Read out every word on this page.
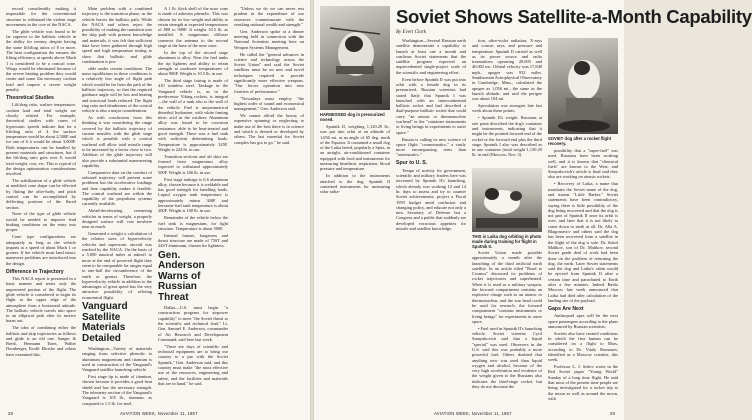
record considerably making it impossible for the conventional structure to withstand the violent stage movements in the core of the NACA.

The glide vehicle was found to be far superior to the ballistic vehicle in the ability for reentry, despite having the same lift/drag ratios of 8 or more. The heat configuration the ensures the lifting efficiency at speeds above Mach 1 is considered to be a conical cone. Wings would be eliminated because of the severe heating problem they would create and some flat necessary coolant load and impose a severe weight penalty.

Theoretical Studies

Lift/drag ratio, surface temperature, coolant load and total weight are closely related. For example, theoretical studies with cones of hypersonic speeds indicate that for a lift/drag ratio of 4 the surface temperature would be about 2,500F and for one of 6 it would be about 3,000F. Both temperatures can be handled by present materials and structures, but if the lift/drag ratio goes over 8, would total weight, cost, etc. This is typical of the design optimization considerations involved.

The stabilization of a glide vehicle at modified cone shape can be effected by fluting the after-body, and pitch control can be accomplished by deflecting portions of the flared section.

None of the type of glide vehicle would be needed to improve lead braking conditions on the entry into proper.

Cone type configurations are adequately as long as the vehicle imparts at a speed of about Mach 1 or greater. If the vehicle must land intact, maneuver problems are introduced into the design.

Difference in Trajectory

This NACA report is presented in a basic manner and treats only the unpowered portion of the flight. The glide vehicle is considered to begin its flight at the upper edge of the atmosphere from a horizontal attitude. The ballistic vehicle travels into space in an elliptical path after its motive burns out.

The idea of combining either the ballistic and skip trajectories as follows and glide is an old one. Sanger & Bredt, Hermann Tsien, Walter Dornberger, Krafft Ehricke and others have examined this.

Main problem with a combined trajectory is the transition phase, as the vehicle leaves the ballistic path. While the NACA and others reject the possibility of making the transition into the skip path with present knowledge and materials, it was felt that sufficient data have been gathered through high speed and high temperature testing to show that ballistic and glide combination is pos-

sible under certain conditions. The mass equilibrium in these conditions is a relatively low angle of flight path which would be far from the path of the ballistic trajectory, so that the required guidance angle will be low and heating and structural loads reduced. The flight ring ratio and slenderness of the conical vehicle is also a major consideration.

As with conclusions from this thinking it was considering the range covered by the ballistic trajectory of current missiles with the glide stage which is possible with a conical warhead will allow total missile range to be increased by a factor close to two. Addition of the glide trajectory will also provide a substantial maneuvering capability.

Comparative data on the conduct of onboard trajectory will present some problems but the accelerative loadings and heat capability makes it feasible. The conical warhead are within the capability of the propulsion systems currently available.

Ahead-decelerating reentering vehicles in terms of weight, a properly designed surface will cost nowhere near as much.

Generated a weight a calculation of the relative sizes of hypervelocity vehicles and supersonic aircraft was reached by the NACA. On the basis of a 5,000 nautical miles at takeoff to more at the end of powered flight they seem to be comparable for ranges equal to one-half the circumference of the earth or greater. Therefore, the hypervelocity vehicle in addition to the advantages of great speed has the very attractive possibility of offering economical flight.

Vanguard Satellite Materials Detailed

Washington—Variety of materials ranging from selective phenolic to aluminum magnesium and titanium is used in construction of the Vanguard's Vanguard satellite launching vehicle.

First stage tip is made of titanium, chosen because it provides a good heat shield and has the necessary strength. The telemetry section of the Vanguard's Vanguard is 105 lb., titanium, as compared to 1.5 lb. for steel.

A 1 lb. thick shell of the nose cone is made of asbestos phenolic. This was chosen for its low weight and ability to retain strength at expected temperatures of 800 to 900F. It weighs 10.5 lb. as installed. A magnesium diffuser connects the antenna to the second stage at the base of the nose cone.

In the top of the second stage aluminum is alloy. Near the fuel tanks the tip lightens and ability to retain strength at moderate temperatures of about 900F. Weight is 10.5 lb. in use.

The third stage fairing is made of 410 stainless steel. Tankage in the Vanguard vehicle is, as in the predecessor Viking rockets, is integral—the wall of a tank also is the wall of the vehicle. Fuel is unsymmetrical dimethyl hydrazine, with white fuming nitric acid as the oxidizer. Aluminum alloy was found to be corrosion resistance, able to be heat-treated and good strength. There was a fuel tank with sufficient determining loads. Temperature is approximately 325F. Weight is 224 lb. in use.

Transition sections and aft skirt are formed from magnesium alloy expected to withstand approximately 500F. Weight is 166 lb. in use.

First stage tankage is 6.6 aluminum alloy, chosen because it is weldable and has good strength for handling loads. Liquid oxygen tank temperature is approximately minus 300F and kerosene fuel tank temperature is about 200F. Weight is 168 lb. in use.

Remainder of the vehicle below the fuel tank is magnesium, for light structure. Temperature is about 500F.

Internal frames, longerons and thrust structure are made of 75ST and 24ST aluminum, chosen for lightness.

Gen. Anderson Warns of Russian Threat

Dallas—U.S. must begin "a construction program for airpower capability" to meet "the Soviet threat to the scientific and technical lead," Lt. Gen. Samuel E. Anderson, commander of Air Research and Development Command, said here last week.

"There are days of scientific and technical equipment are to bring our country to a par with the Soviet Sputnik," Gen. Anderson said, and this country must make "the most effective use of the resources, engineering and talent, and the facilities and materials that are in hand," he said.

"Unless we do we can never rest prudent in the expenditure of our resources commensurate with the resulting national wealth and strength."

Gen. Anderson spoke at a dinner meeting held in connection with the National Scientists meeting here on Weapon Systems Management.

He called the "general advances in science and technology across the Soviet Union" and said the Soviet satellites must be on new and novel techniques required to provide significantly more effective weapons. "Our forces operation into new frontiers of performance."

"Nowadays must employ "the highest order of sound and economical management," Gen. Anderson said.

We cannot afford the luxury of expensive spinning or neglecting to make use of the best there is in science and which is desired or developed by others. The last essential for Soviet complex has got to go," he said.

28	AVIATION WEEK, November 11, 1957
HARNESSED dog in pressurized nosed.
Soviet Shows Satellite-a-Month Capability
By Evert Clark

Sputnik II, weighing 1,120.29 lb., was put into orbit at an altitude of 1,056 mi. at an angle of 65 deg. north of the Equator. It contained a small dog of the Laika breed, popularly a Spitz, in an airtight, air-conditioned container equipped with food and instruments for measuring heartbeat, respiration, blood pressure and temperature.

In addition to the instruments attached to the dog, Sputnik II contained instruments for measuring solar radia-

Washington—Several Russian earth satellite demonstrate a capability to launch at least one a month and confirms Soviet statements that the satellite program expected an unprecedented single-project scale of the scientific and engineering effort.

Even before Sputnik II was put into orbit with a female dog in its pressurized, Russian scientists had stated flatly that Sputnik I was launched with an intercontinental ballistic rocket and had described a dual-purpose ballistic rocket that could carry "an atomic or thermonuclear warhead" or the "container instruments or living beings in experiments to outer space."

Russia is calling its new science of space flight "cosmonautics," a vastly more encompassing term than "astronautics."

Spur to U. S.

Tempo of activity for government, scientific and military leaders here was increased by Sputnik II's launching, which already was working 12 and 14 hr. days to assess and try to counter Soviet achievements, project a Fiscal 1959 budget amid confusion and changing policy, and educate not only a new Secretary of Defense but a Congress and a public that suddenly are developed voracious appetites for missile and satellite knowledge.

THIS is Laika dog orbiting in photo made during training for flight in Sputnik II.

tion, ultra-violet radiation, X-rays and cosmic rays, and pressure and temperature. Sputnik II carried as well as its power source and radio transmitters operating 20.005 and 40.002 mc. Orbital velocity was 17,840 mph., apogee was 932 miles. Smithsonian Astrophysical Observatory in Cambridge, Mass., calculated the apogee as 1,056 mi., the same as the launch altitude, and said the perigee was about 104 mi.

Speculation was strongest late last week about these points:

• Sputnik II's weight. Russians at one point described the dog's container and instruments, indicating that it might be the pointed forward end of the rocket or the forward end plus the third stage. Sputnik I also was described as in one container (total weight 1,120.29 lb. in end (Moscow, Nov. 3).

Soviet Union made possible approximately a month after the launching of the third artificial earth satellite. In an article titled "Road to Cosmos" discussed its problems of rocket trajectories and superheated. When it is used as a military weapon, the forward compartment contains an explosive charge such as an atomic or thermonuclear, and the war head could be used for research, the forward compartment "contains instruments or living beings" for experiments in outer space.

• Fuel used in Sputnik II's launching vehicle. Soviet scientist Cyril Stanyukovich said that a liquid "special" was used. Observers in the U.S. said this was probably a more powerful fuel. Others doubted that anything new was used than liquid oxygen and alcohol, because of the very high acceleration and evidence of the weight given to the Russians also indicates the third-stage rocket, but they do not discount the

SOVIET dog after a rocket flight recovery.

possibility that a "super-fuel" was used. Russians have been working well, and it is known that "chemical fuels" are known to the West, and Stanyukovich's article is final said they also are working on atomic rockets.

• Recovery of Laika, a name that translates the Soviet name of the dog, and means "Little Barker." Soviet statements have been contradictory, saying there is little possibility of the dog being recovered and that the dog is not part of Sputnik II once its orbit is over, and later that it is not likely to come down to earth at all. Dr. Alla A. Blagonravov and others said the dog has been recovered from a satellite in the flight of the dog is safe. Dr. Sokol Malikov, son of Dr. Malikov, second Soviet grade deal of work had been done on the problem of returning the dog, the earth. Later Soviet statements said the dog and Laika's cabin would be ejected from Sputnik II after a certain time and parachuted to Earth after a few minutes. Indeed Radio Moscow last week announced that Laika had died after calculation of the landing site of the payload.

Gaps Are Next

Anthropoid apes will be the next space passengers according to the plans announced by Russian scientists.

Soviets also have created conditions in which the first human can be considered on a flight to Mars, according to Dr. Vitaly Romanov, identified as a Moscow scientist, this week.

Professor L. J. Sedov wrote in the Red Soviet paper "Young World" Sunday of a long time flight. He said that most of the present time people are being investigated for a rocket trip to the moon as well as around the moon, with

AVIATION WEEK, November 11, 1957	29
